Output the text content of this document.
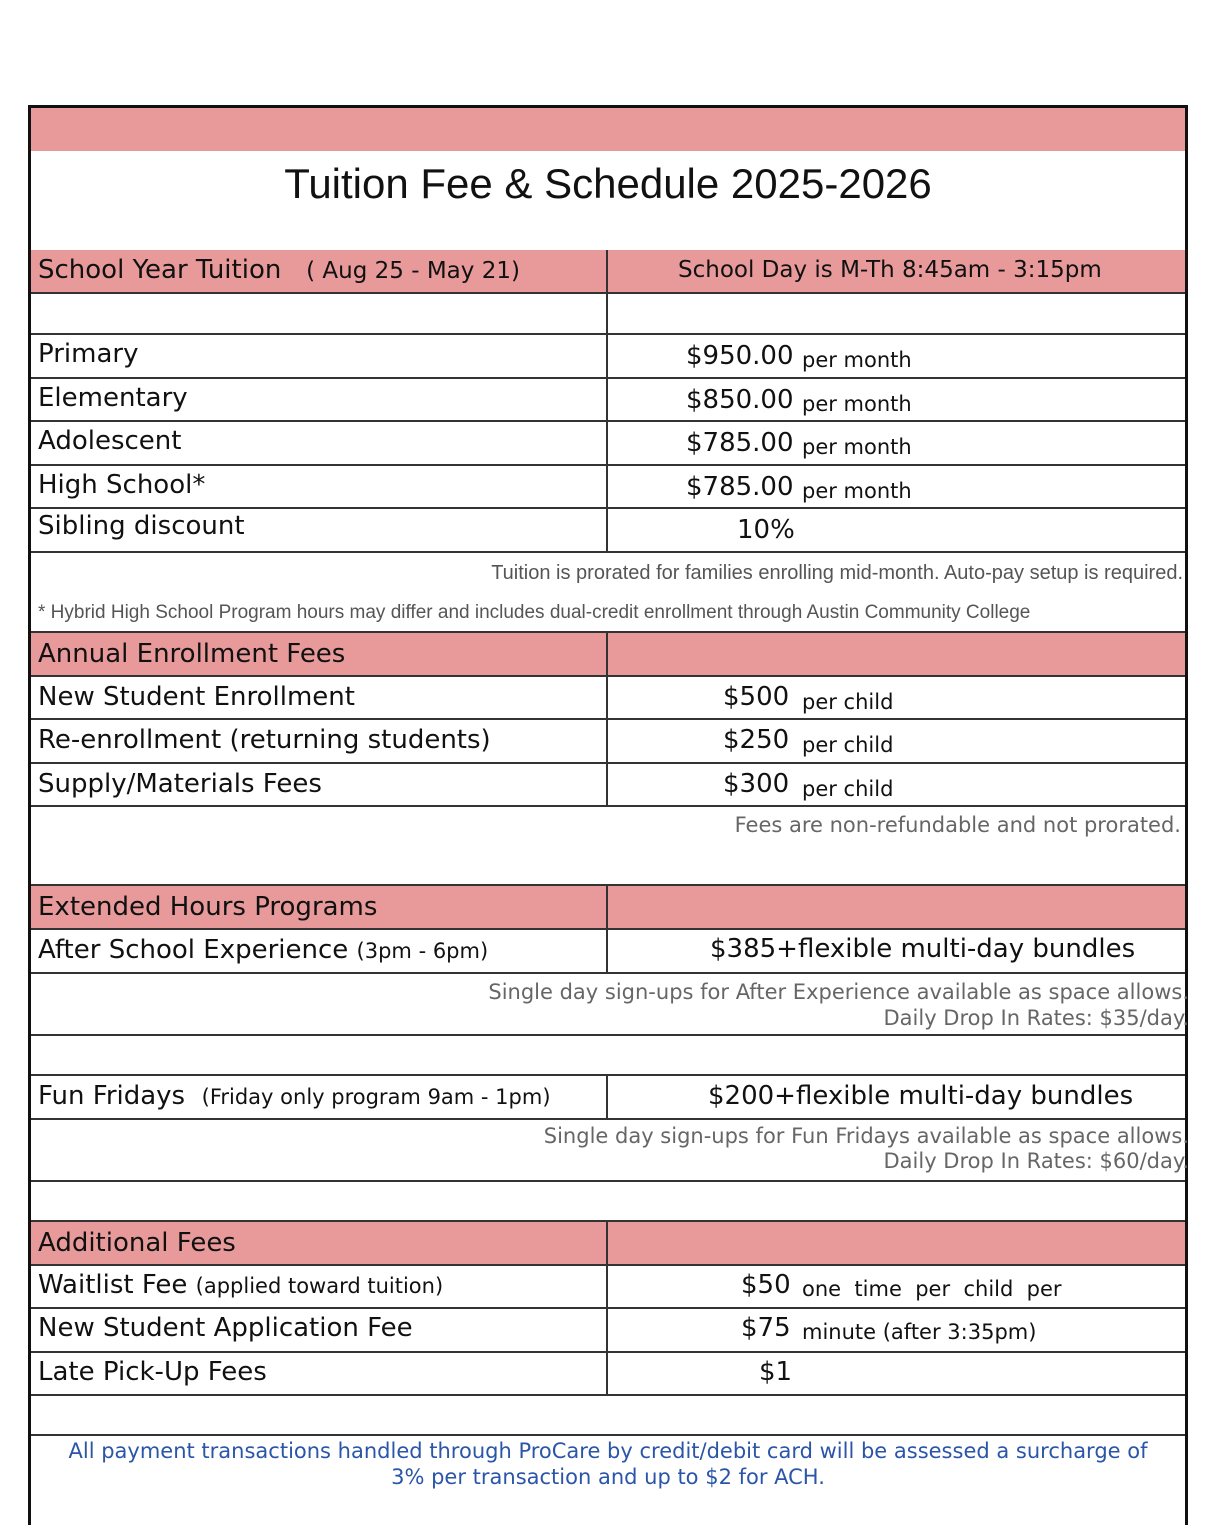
Tuition Fee & Schedule 2025-2026
School Year Tuition ( Aug 25 - May 21)	School Day is M-Th 8:45am - 3:15pm
Primary	$950.00 per month
Elementary	$850.00 per month
Adolescent	$785.00 per month
High School*	$785.00 per month
Sibling discount	10%
Tuition is prorated for families enrolling mid-month. Auto-pay setup is required.
* Hybrid High School Program hours may differ and includes dual-credit enrollment through Austin Community College
Annual Enrollment Fees
New Student Enrollment	$500 per child
Re-enrollment (returning students)	$250 per child
Supply/Materials Fees	$300 per child
Fees are non-refundable and not prorated.
Extended Hours Programs
After School Experience (3pm - 6pm)	$385+flexible multi-day bundles
Single day sign-ups for After Experience available as space allows.
Daily Drop In Rates: $35/day.
Fun Fridays (Friday only program 9am - 1pm)	$200+flexible multi-day bundles
Single day sign-ups for Fun Fridays available as space allows.
Daily Drop In Rates: $60/day.
Additional Fees
Waitlist Fee (applied toward tuition)	$50 one  time  per  child  per
New Student Application Fee	$75 minute (after 3:35pm)
Late Pick-Up Fees	$1
All payment transactions handled through ProCare by credit/debit card will be assessed a surcharge of
3% per transaction and up to $2 for ACH.
